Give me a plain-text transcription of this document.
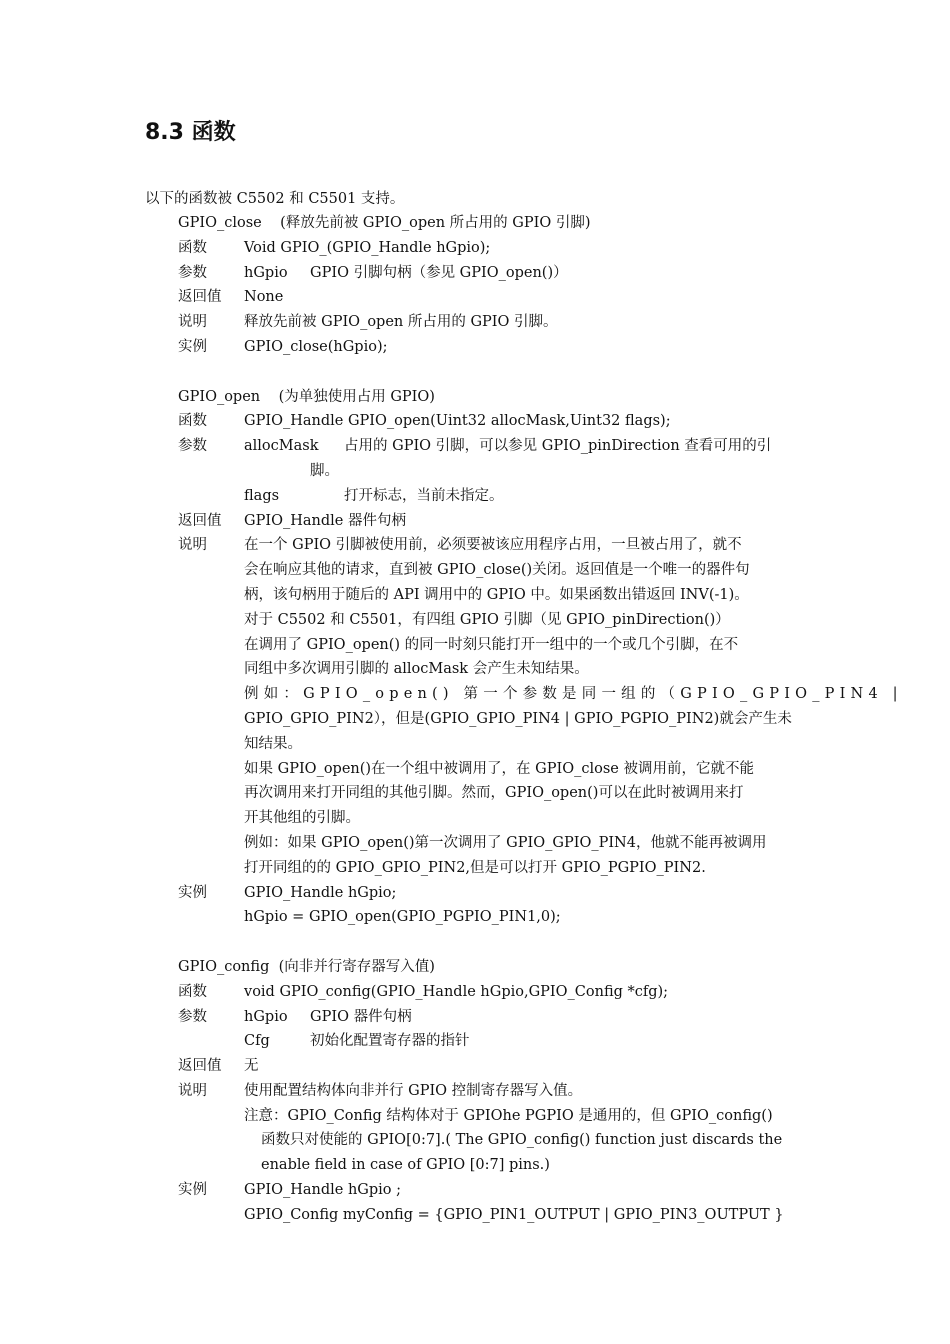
8.3 函数
以下的函数被 C5502 和 C5501 支持。
GPIO_close (释放先前被 GPIO_open 所占用的 GPIO 引脚)
函数	Void GPIO_(GPIO_Handle hGpio);
参数	hGpio	GPIO 引脚句柄（参见 GPIO_open()）
返回值	None
说明	释放先前被 GPIO_open 所占用的 GPIO 引脚。
实例	GPIO_close(hGpio);
GPIO_open (为单独使用占用 GPIO)
函数	GPIO_Handle GPIO_open(Uint32 allocMask,Uint32 flags);
参数	allocMask	占用的 GPIO 引脚，可以参见 GPIO_pinDirection 查看可用的引
脚。
flags	打开标志，当前未指定。
返回值	GPIO_Handle 器件句柄
说明	在一个 GPIO 引脚被使用前，必须要被该应用程序占用，一旦被占用了，就不
会在响应其他的请求，直到被 GPIO_close()关闭。返回值是一个唯一的器件句
柄，该句柄用于随后的 API 调用中的 GPIO 中。如果函数出错返回 INV(-1)。
对于 C5502 和 C5501，有四组 GPIO 引脚（见 GPIO_pinDirection()）
在调用了 GPIO_open() 的同一时刻只能打开一组中的一个或几个引脚，在不
同组中多次调用引脚的 allocMask 会产生未知结果。
例如：GPIO_open() 第一个参数是同一组的（GPIO_GPIO_PIN4 |
GPIO_GPIO_PIN2），但是(GPIO_GPIO_PIN4 | GPIO_PGPIO_PIN2)就会产生未
知结果。
如果 GPIO_open()在一个组中被调用了，在 GPIO_close 被调用前，它就不能
再次调用来打开同组的其他引脚。然而，GPIO_open()可以在此时被调用来打
开其他组的引脚。
例如：如果 GPIO_open()第一次调用了 GPIO_GPIO_PIN4，他就不能再被调用
打开同组的的 GPIO_GPIO_PIN2,但是可以打开 GPIO_PGPIO_PIN2.
实例	GPIO_Handle hGpio;
hGpio = GPIO_open(GPIO_PGPIO_PIN1,0);
GPIO_config (向非并行寄存器写入值)
函数	void GPIO_config(GPIO_Handle hGpio,GPIO_Config *cfg);
参数	hGpio	GPIO 器件句柄
Cfg	初始化配置寄存器的指针
返回值	无
说明	使用配置结构体向非并行 GPIO 控制寄存器写入值。
注意：GPIO_Config 结构体对于 GPIOhe PGPIO 是通用的，但 GPIO_config()
函数只对使能的 GPIO[0:7].( The GPIO_config() function just discards the
enable field in case of GPIO [0:7] pins.)
实例	GPIO_Handle hGpio ;
GPIO_Config myConfig = {GPIO_PIN1_OUTPUT | GPIO_PIN3_OUTPUT }
